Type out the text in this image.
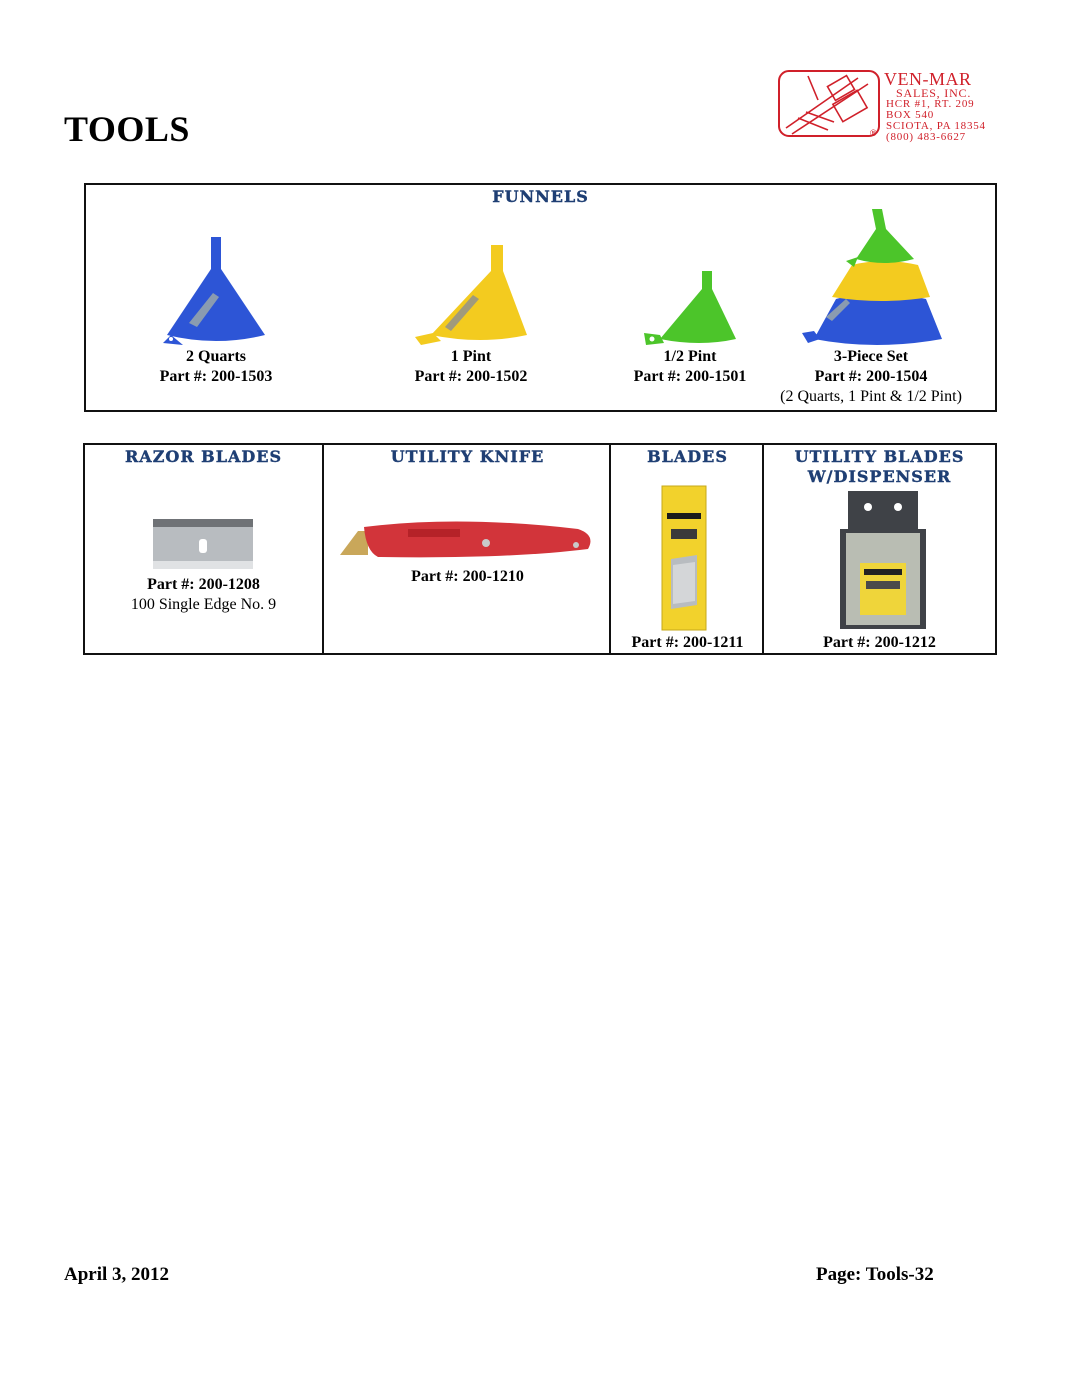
TOOLS	®
VEN-MAR
SALES, INC.
HCR #1, RT. 209
BOX 540
SCIOTA, PA 18354
(800) 483-6627
FUNNELS
2 Quarts
Part #: 200-1503
1 Pint
Part #: 200-1502
1/2 Pint
Part #: 200-1501
3-Piece Set
Part #: 200-1504
(2 Quarts, 1 Pint & 1/2 Pint)
RAZOR BLADES
Part #: 200-1208
100 Single Edge No. 9
UTILITY KNIFE
Part #: 200-1210
BLADES
Part #: 200-1211
UTILITY BLADES
W/DISPENSER
Part #: 200-1212
April 3, 2012	Page: Tools-32
